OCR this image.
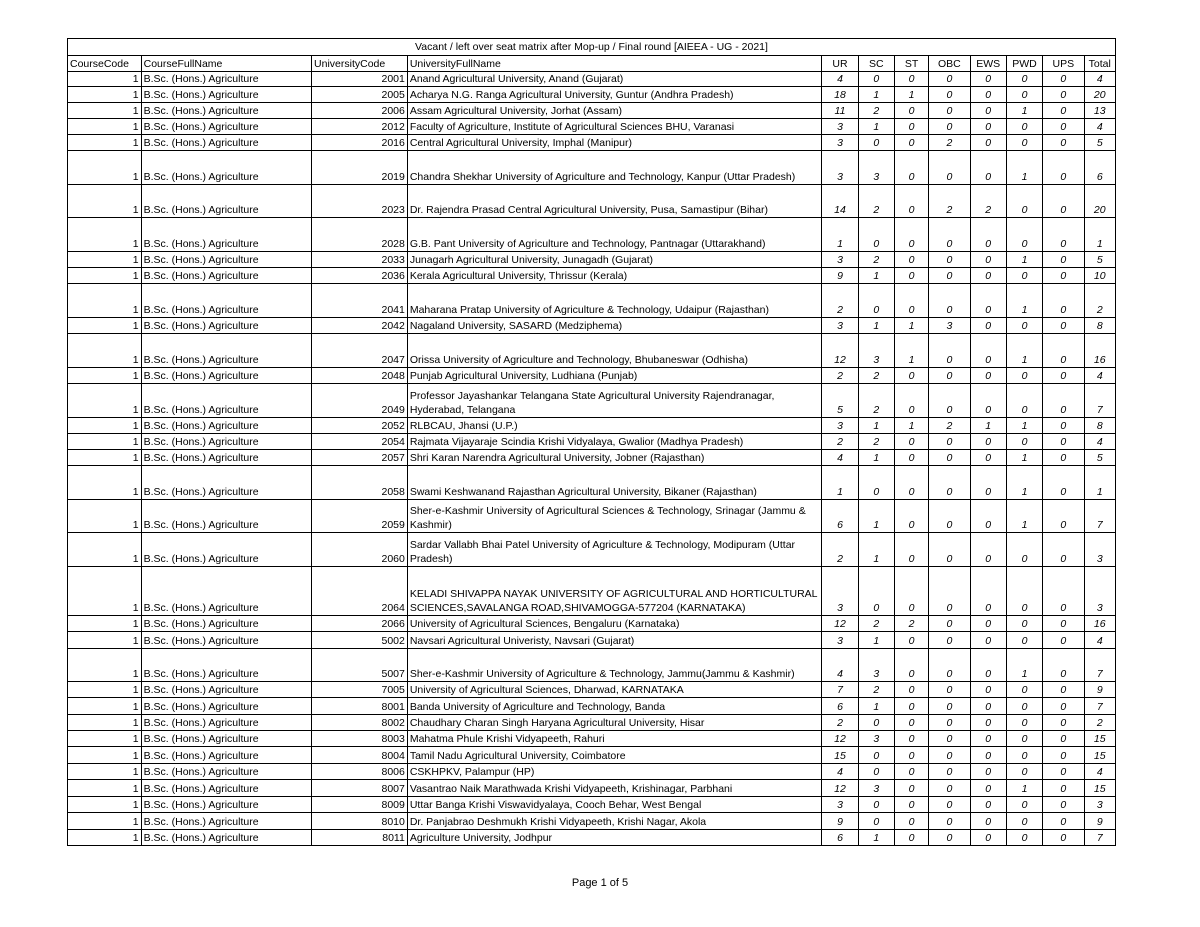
Vacant / left over seat matrix after Mop-up / Final round [AIEEA - UG - 2021]											
CourseCode	CourseFullName	UniversityCode	UniversityFullName	UR	SC	ST	OBC	EWS	PWD	UPS	Total
1	B.Sc. (Hons.) Agriculture	2001	Anand Agricultural University, Anand (Gujarat)	4	0	0	0	0	0	0	4
1	B.Sc. (Hons.) Agriculture	2005	Acharya N.G. Ranga Agricultural University, Guntur (Andhra Pradesh)	18	1	1	0	0	0	0	20
1	B.Sc. (Hons.) Agriculture	2006	Assam Agricultural University, Jorhat (Assam)	11	2	0	0	0	1	0	13
1	B.Sc. (Hons.) Agriculture	2012	Faculty of Agriculture, Institute of Agricultural Sciences BHU, Varanasi	3	1	0	0	0	0	0	4
1	B.Sc. (Hons.) Agriculture	2016	Central Agricultural University, Imphal (Manipur)	3	0	0	2	0	0	0	5
1	B.Sc. (Hons.) Agriculture	2019	Chandra Shekhar University of Agriculture and Technology, Kanpur (Uttar Pradesh)	3	3	0	0	0	1	0	6
1	B.Sc. (Hons.) Agriculture	2023	Dr. Rajendra Prasad Central Agricultural University, Pusa, Samastipur (Bihar)	14	2	0	2	2	0	0	20
1	B.Sc. (Hons.) Agriculture	2028	G.B. Pant University of Agriculture and Technology, Pantnagar (Uttarakhand)	1	0	0	0	0	0	0	1
1	B.Sc. (Hons.) Agriculture	2033	Junagarh Agricultural University, Junagadh (Gujarat)	3	2	0	0	0	1	0	5
1	B.Sc. (Hons.) Agriculture	2036	Kerala Agricultural University, Thrissur (Kerala)	9	1	0	0	0	0	0	10
1	B.Sc. (Hons.) Agriculture	2041	Maharana Pratap University of Agriculture & Technology, Udaipur (Rajasthan)	2	0	0	0	0	1	0	2
1	B.Sc. (Hons.) Agriculture	2042	Nagaland University, SASARD (Medziphema)	3	1	1	3	0	0	0	8
1	B.Sc. (Hons.) Agriculture	2047	Orissa University of Agriculture and Technology, Bhubaneswar (Odhisha)	12	3	1	0	0	1	0	16
1	B.Sc. (Hons.) Agriculture	2048	Punjab Agricultural University, Ludhiana (Punjab)	2	2	0	0	0	0	0	4
1	B.Sc. (Hons.) Agriculture	2049	Professor Jayashankar Telangana State Agricultural University Rajendranagar, Hyderabad, Telangana	5	2	0	0	0	0	0	7
1	B.Sc. (Hons.) Agriculture	2052	RLBCAU, Jhansi (U.P.)	3	1	1	2	1	1	0	8
1	B.Sc. (Hons.) Agriculture	2054	Rajmata Vijayaraje Scindia Krishi Vidyalaya, Gwalior (Madhya Pradesh)	2	2	0	0	0	0	0	4
1	B.Sc. (Hons.) Agriculture	2057	Shri Karan Narendra Agricultural University, Jobner (Rajasthan)	4	1	0	0	0	1	0	5
1	B.Sc. (Hons.) Agriculture	2058	Swami Keshwanand Rajasthan Agricultural University, Bikaner (Rajasthan)	1	0	0	0	0	1	0	1
1	B.Sc. (Hons.) Agriculture	2059	Sher-e-Kashmir University of Agricultural Sciences & Technology, Srinagar (Jammu & Kashmir)	6	1	0	0	0	1	0	7
1	B.Sc. (Hons.) Agriculture	2060	Sardar Vallabh Bhai Patel University of Agriculture & Technology, Modipuram (Uttar Pradesh)	2	1	0	0	0	0	0	3
1	B.Sc. (Hons.) Agriculture	2064	KELADI SHIVAPPA NAYAK UNIVERSITY OF AGRICULTURAL AND HORTICULTURAL SCIENCES,SAVALANGA ROAD,SHIVAMOGGA-577204 (KARNATAKA)	3	0	0	0	0	0	0	3
1	B.Sc. (Hons.) Agriculture	2066	University of Agricultural Sciences, Bengaluru (Karnataka)	12	2	2	0	0	0	0	16
1	B.Sc. (Hons.) Agriculture	5002	Navsari Agricultural Univeristy, Navsari (Gujarat)	3	1	0	0	0	0	0	4
1	B.Sc. (Hons.) Agriculture	5007	Sher-e-Kashmir University of Agriculture & Technology, Jammu(Jammu & Kashmir)	4	3	0	0	0	1	0	7
1	B.Sc. (Hons.) Agriculture	7005	University of Agricultural Sciences, Dharwad, KARNATAKA	7	2	0	0	0	0	0	9
1	B.Sc. (Hons.) Agriculture	8001	Banda University of Agriculture and Technology, Banda	6	1	0	0	0	0	0	7
1	B.Sc. (Hons.) Agriculture	8002	Chaudhary Charan Singh Haryana Agricultural University, Hisar	2	0	0	0	0	0	0	2
1	B.Sc. (Hons.) Agriculture	8003	Mahatma Phule Krishi Vidyapeeth, Rahuri	12	3	0	0	0	0	0	15
1	B.Sc. (Hons.) Agriculture	8004	Tamil Nadu Agricultural University, Coimbatore	15	0	0	0	0	0	0	15
1	B.Sc. (Hons.) Agriculture	8006	CSKHPKV, Palampur (HP)	4	0	0	0	0	0	0	4
1	B.Sc. (Hons.) Agriculture	8007	Vasantrao Naik Marathwada Krishi Vidyapeeth, Krishinagar, Parbhani	12	3	0	0	0	1	0	15
1	B.Sc. (Hons.) Agriculture	8009	Uttar Banga Krishi Viswavidyalaya, Cooch Behar, West Bengal	3	0	0	0	0	0	0	3
1	B.Sc. (Hons.) Agriculture	8010	Dr. Panjabrao Deshmukh Krishi Vidyapeeth, Krishi Nagar, Akola	9	0	0	0	0	0	0	9
1	B.Sc. (Hons.) Agriculture	8011	Agriculture University, Jodhpur	6	1	0	0	0	0	0	7
Page 1 of 5
